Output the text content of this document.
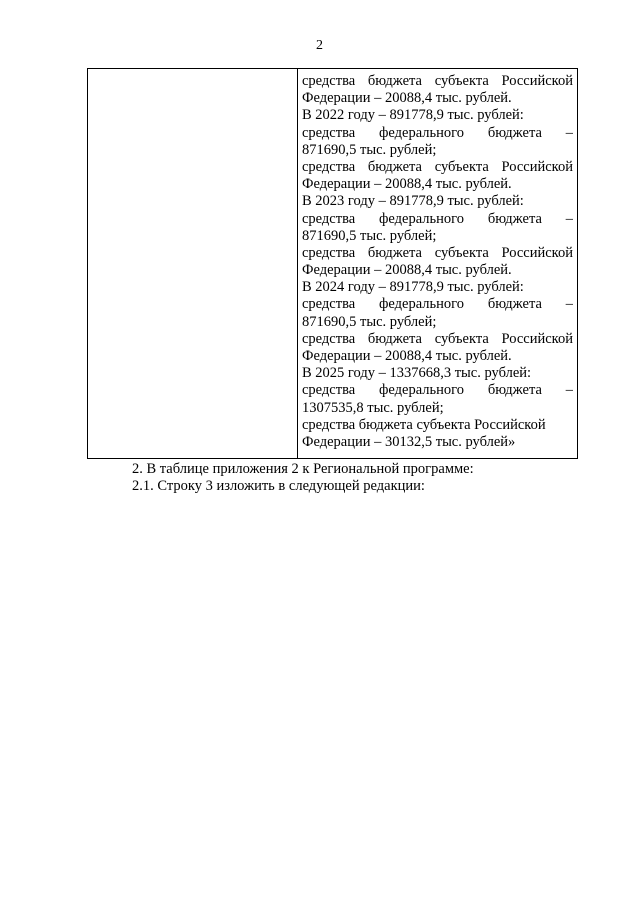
2

средства бюджета субъекта Российской
Федерации – 20088,4 тыс. рублей.
В 2022 году – 891778,9 тыс. рублей:
средства федерального бюджета –
871690,5 тыс. рублей;
средства бюджета субъекта Российской
Федерации – 20088,4 тыс. рублей.
В 2023 году – 891778,9 тыс. рублей:
средства федерального бюджета –
871690,5 тыс. рублей;
средства бюджета субъекта Российской
Федерации – 20088,4 тыс. рублей.
В 2024 году – 891778,9 тыс. рублей:
средства федерального бюджета –
871690,5 тыс. рублей;
средства бюджета субъекта Российской
Федерации – 20088,4 тыс. рублей.
В 2025 году – 1337668,3 тыс. рублей:
средства федерального бюджета –
1307535,8 тыс. рублей;
средства бюджета субъекта Российской
Федерации – 30132,5 тыс. рублей»
2. В таблице приложения 2 к Региональной программе:
2.1. Строку 3 изложить в следующей редакции:
